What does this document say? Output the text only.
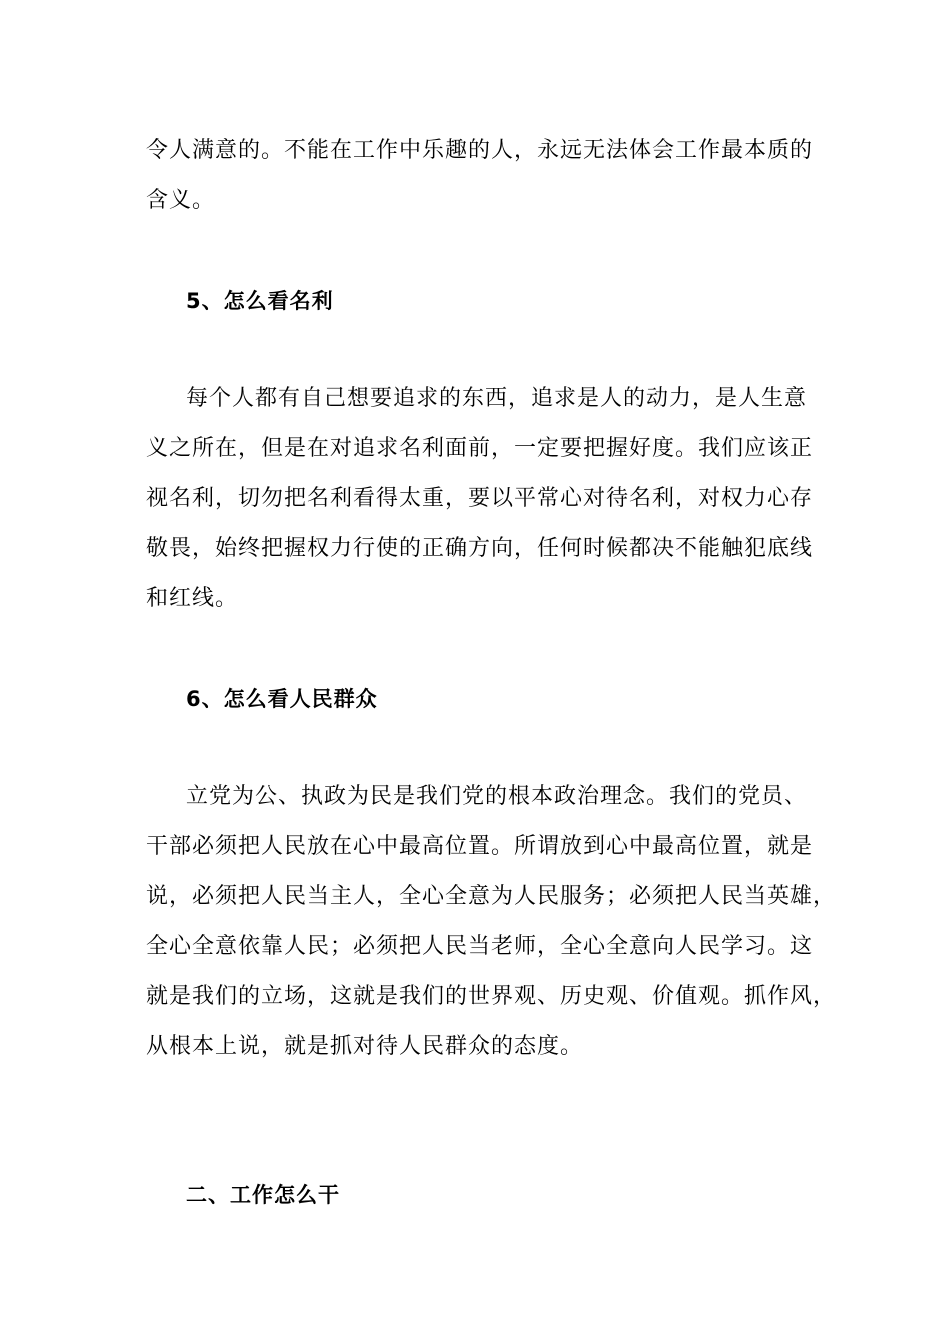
令人满意的。不能在工作中乐趣的人，永远无法体会工作最本质的
含义。
5、怎么看名利
每个人都有自己想要追求的东西，追求是人的动力，是人生意
义之所在，但是在对追求名利面前，一定要把握好度。我们应该正
视名利，切勿把名利看得太重，要以平常心对待名利，对权力心存
敬畏，始终把握权力行使的正确方向，任何时候都决不能触犯底线
和红线。
6、怎么看人民群众
立党为公、执政为民是我们党的根本政治理念。我们的党员、
干部必须把人民放在心中最高位置。所谓放到心中最高位置，就是
说，必须把人民当主人，全心全意为人民服务；必须把人民当英雄，
全心全意依靠人民；必须把人民当老师，全心全意向人民学习。这
就是我们的立场，这就是我们的世界观、历史观、价值观。抓作风，
从根本上说，就是抓对待人民群众的态度。
二、工作怎么干
